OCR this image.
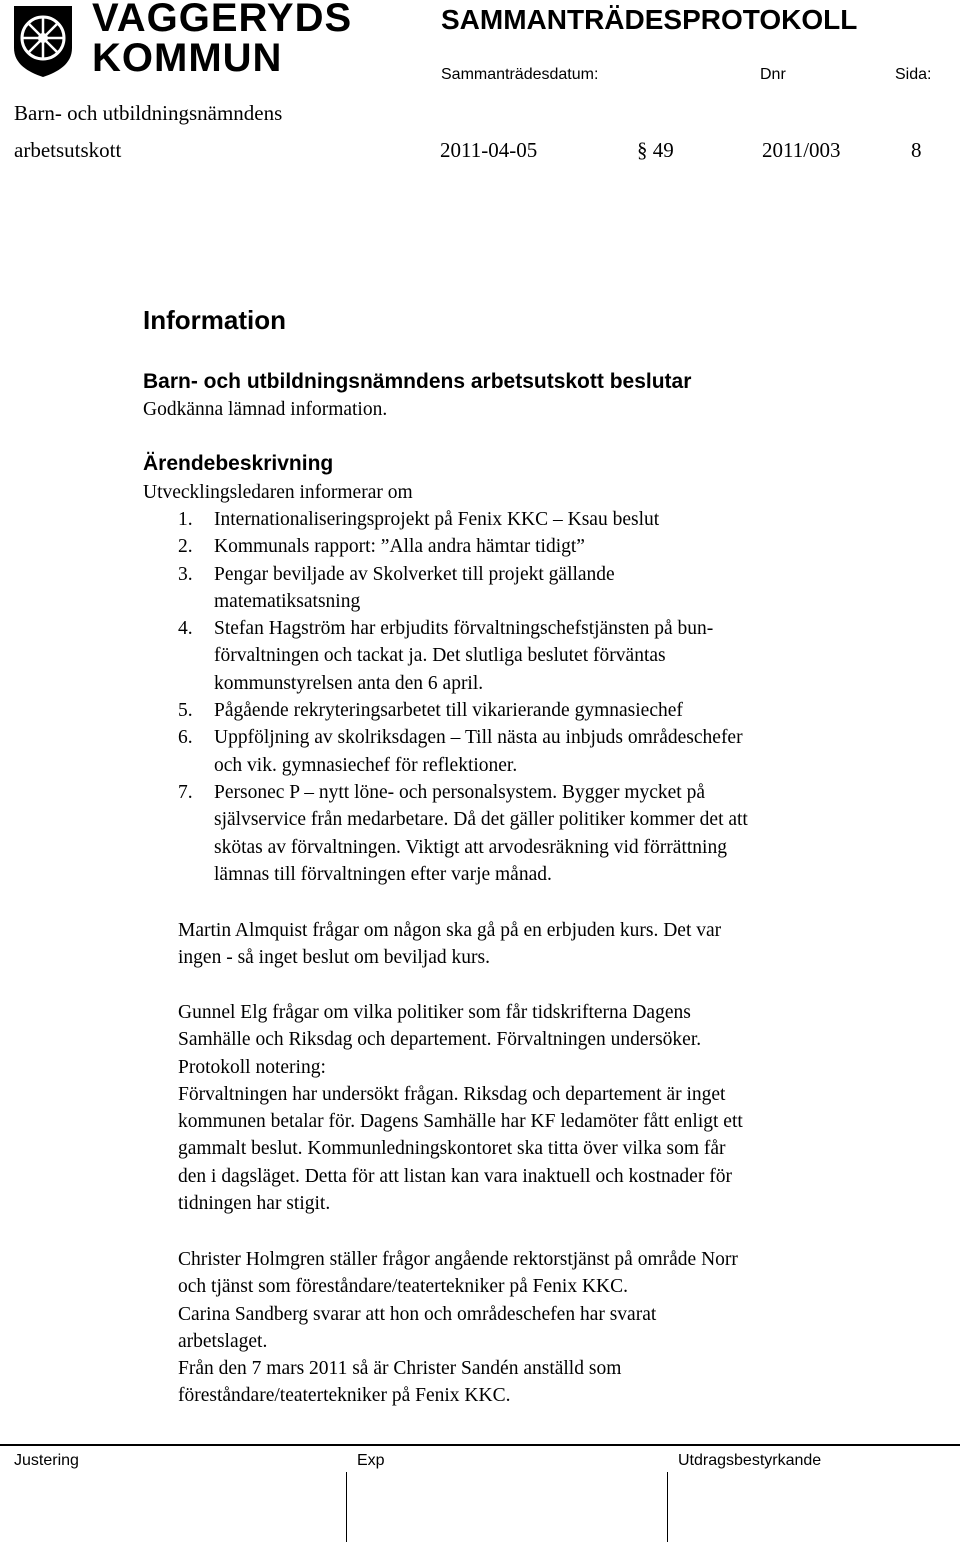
VAGGERYDS
KOMMUN
SAMMANTRÄDESPROTOKOLL
Sammanträdesdatum:	Dnr	Sida:
Barn- och utbildningsnämndens
arbetsutskott	2011-04-05	§ 49	2011/003	8
Information
Barn- och utbildningsnämndens arbetsutskott beslutar
Godkänna lämnad information.
Ärendebeskrivning
Utvecklingsledaren informerar om
1. Internationaliseringsprojekt på Fenix KKC – Ksau beslut
2. Kommunals rapport: ”Alla andra hämtar tidigt”
3. Pengar beviljade av Skolverket till projekt gällande
matematiksatsning
4. Stefan Hagström har erbjudits förvaltningschefstjänsten på bun-
förvaltningen och tackat ja. Det slutliga beslutet förväntas
kommunstyrelsen anta den 6 april.
5. Pågående rekryteringsarbetet till vikarierande gymnasiechef
6. Uppföljning av skolriksdagen – Till nästa au inbjuds områdeschefer
och vik. gymnasiechef för reflektioner.
7. Personec P – nytt löne- och personalsystem. Bygger mycket på
självservice från medarbetare. Då det gäller politiker kommer det att
skötas av förvaltningen. Viktigt att arvodesräkning vid förrättning
lämnas till förvaltningen efter varje månad.
Martin Almquist frågar om någon ska gå på en erbjuden kurs. Det var
ingen - så inget beslut om beviljad kurs.
Gunnel Elg frågar om vilka politiker som får tidskrifterna Dagens
Samhälle och Riksdag och departement. Förvaltningen undersöker.
Protokoll notering:
Förvaltningen har undersökt frågan. Riksdag och departement är inget
kommunen betalar för. Dagens Samhälle har KF ledamöter fått enligt ett
gammalt beslut. Kommunledningskontoret ska titta över vilka som får
den i dagsläget. Detta för att listan kan vara inaktuell och kostnader för
tidningen har stigit.
Christer Holmgren ställer frågor angående rektorstjänst på område Norr
och tjänst som föreståndare/teatertekniker på Fenix KKC.
Carina Sandberg svarar att hon och områdeschefen har svarat
arbetslaget.
Från den 7 mars 2011 så är Christer Sandén anställd som
föreståndare/teatertekniker på Fenix KKC.
Justering	Exp	Utdragsbestyrkande
